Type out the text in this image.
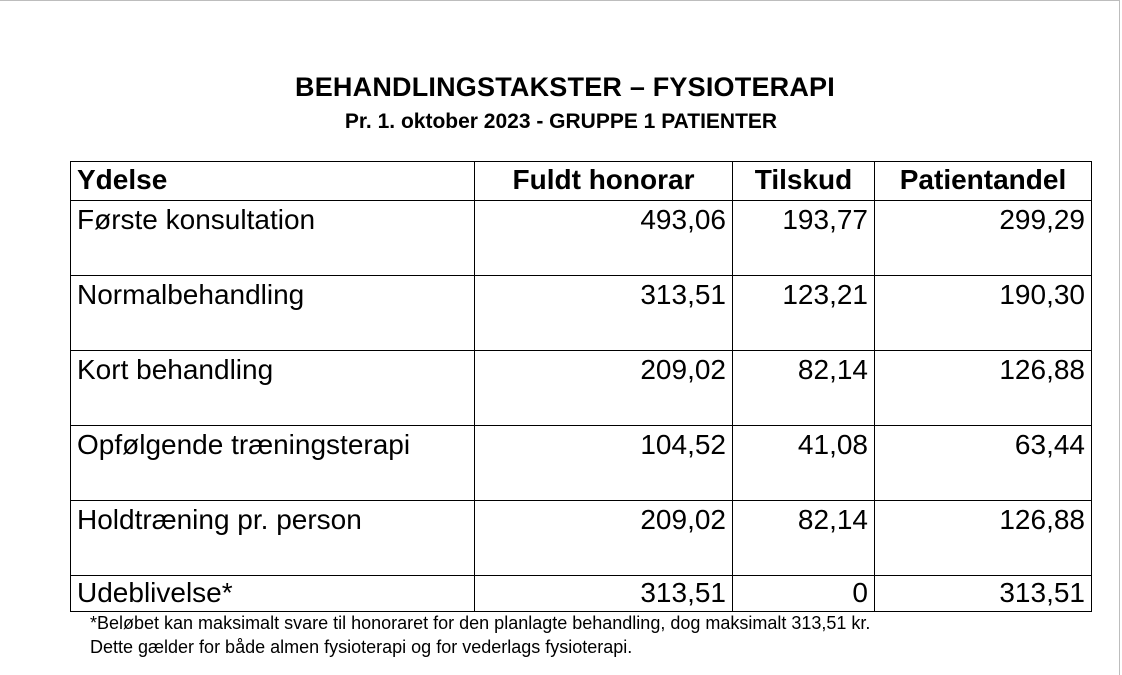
BEHANDLINGSTAKSTER – FYSIOTERAPI
Pr. 1. oktober 2023 - GRUPPE 1 PATIENTER
Ydelse	Fuldt honorar	Tilskud	Patientandel
Første konsultation	493,06	193,77	299,29
Normalbehandling	313,51	123,21	190,30
Kort behandling	209,02	82,14	126,88
Opfølgende træningsterapi	104,52	41,08	63,44
Holdtræning pr. person	209,02	82,14	126,88
Udeblivelse*	313,51	0	313,51
*Beløbet kan maksimalt svare til honoraret for den planlagte behandling, dog maksimalt 313,51 kr.
Dette gælder for både almen fysioterapi og for vederlags fysioterapi.
